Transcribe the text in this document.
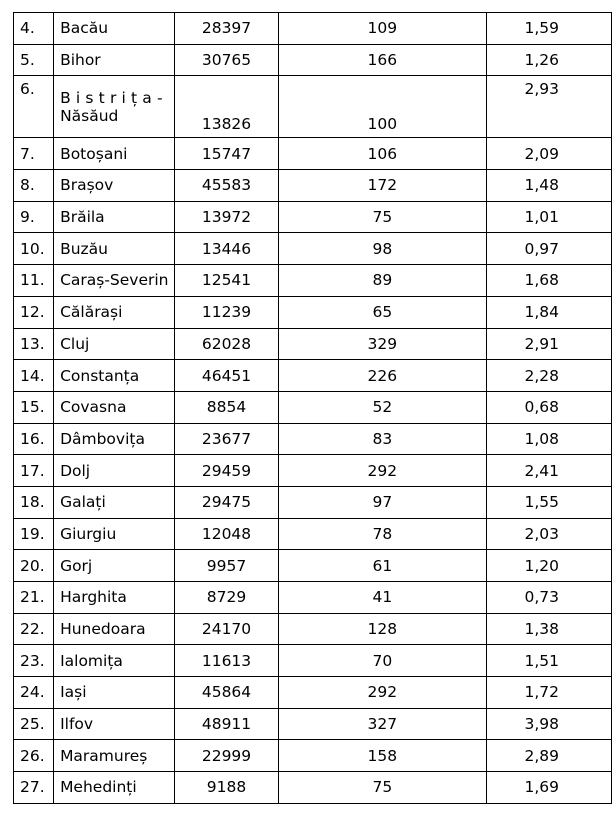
4.	Bacău	28397	109	1,59
5.	Bihor	30765	166	1,26
6.	Bistrița-
Năsăud	13826	100	2,93
7.	Botoșani	15747	106	2,09
8.	Brașov	45583	172	1,48
9.	Brăila	13972	75	1,01
10.	Buzău	13446	98	0,97
11.	Caraș-Severin	12541	89	1,68
12.	Călărași	11239	65	1,84
13.	Cluj	62028	329	2,91
14.	Constanța	46451	226	2,28
15.	Covasna	8854	52	0,68
16.	Dâmbovița	23677	83	1,08
17.	Dolj	29459	292	2,41
18.	Galați	29475	97	1,55
19.	Giurgiu	12048	78	2,03
20.	Gorj	9957	61	1,20
21.	Harghita	8729	41	0,73
22.	Hunedoara	24170	128	1,38
23.	Ialomița	11613	70	1,51
24.	Iași	45864	292	1,72
25.	Ilfov	48911	327	3,98
26.	Maramureș	22999	158	2,89
27.	Mehedinți	9188	75	1,69
